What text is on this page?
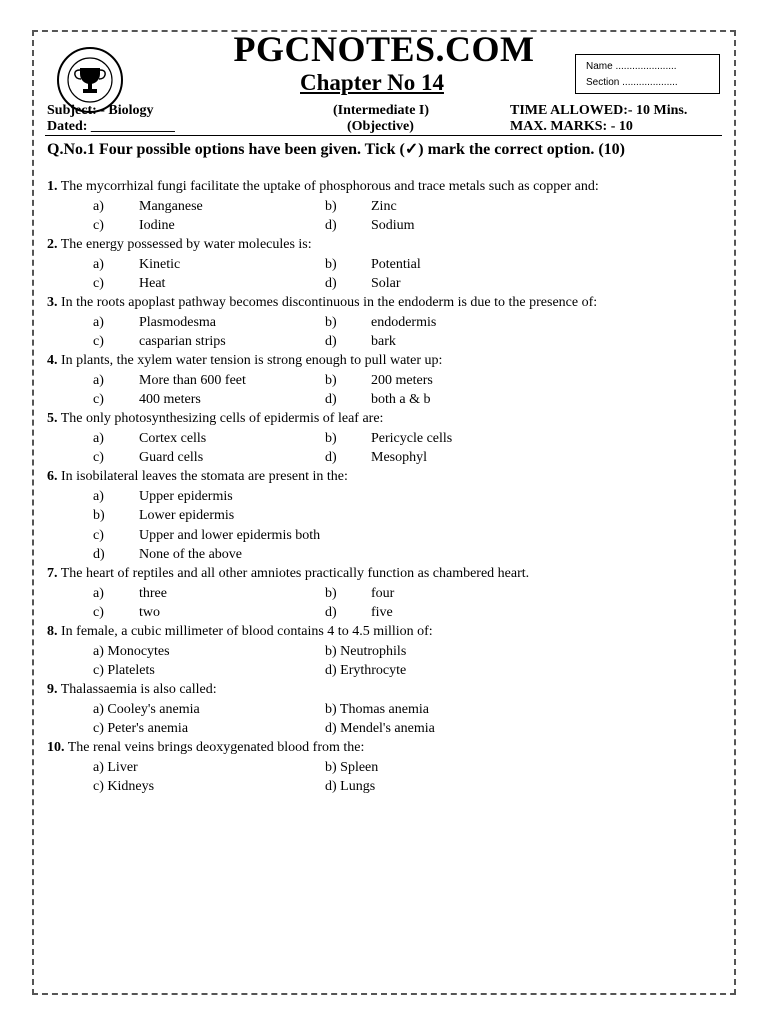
PGCNOTES.COM
Chapter No 14
Name ......................
Section ....................
Subject: - Biology
Dated: ____________
(Intermediate I)
(Objective)
TIME ALLOWED:- 10 Mins.
MAX. MARKS: - 10
Q.No.1 Four possible options have been given. Tick (✓) mark the correct option. (10)
1. The mycorrhizal fungi facilitate the uptake of phosphorous and trace metals such as copper and:
a)	Manganese	b) Zinc
c)	Iodine	d) Sodium
2. The energy possessed by water molecules is:
a)	Kinetic	b) Potential
c)	Heat	d) Solar
3. In the roots apoplast pathway becomes discontinuous in the endoderm is due to the presence of:
a)	Plasmodesma	b) endodermis
c)	casparian strips	d) bark
4. In plants, the xylem water tension is strong enough to pull water up:
a)	More than 600 feet	b) 200 meters
c)	400 meters	d) both a & b
5. The only photosynthesizing cells of epidermis of leaf are:
a)	Cortex cells	b) Pericycle cells
c)	Guard cells	d) Mesophyl
6. In isobilateral leaves the stomata are present in the:
a)	Upper epidermis
b) Lower epidermis
c)	Upper and lower epidermis both
d) None of the above
7. The heart of reptiles and all other amniotes practically function as chambered heart.
a)	three	b) four
c)	two	d) five
8. In female, a cubic millimeter of blood contains 4 to 4.5 million of:
a) Monocytes	b) Neutrophils
c) Platelets	d) Erythrocyte
9. Thalassaemia is also called:
a) Cooley's anemia	b) Thomas anemia
c) Peter's anemia	d) Mendel's anemia
10. The renal veins brings deoxygenated blood from the:
a) Liver	b) Spleen
c) Kidneys	d) Lungs
